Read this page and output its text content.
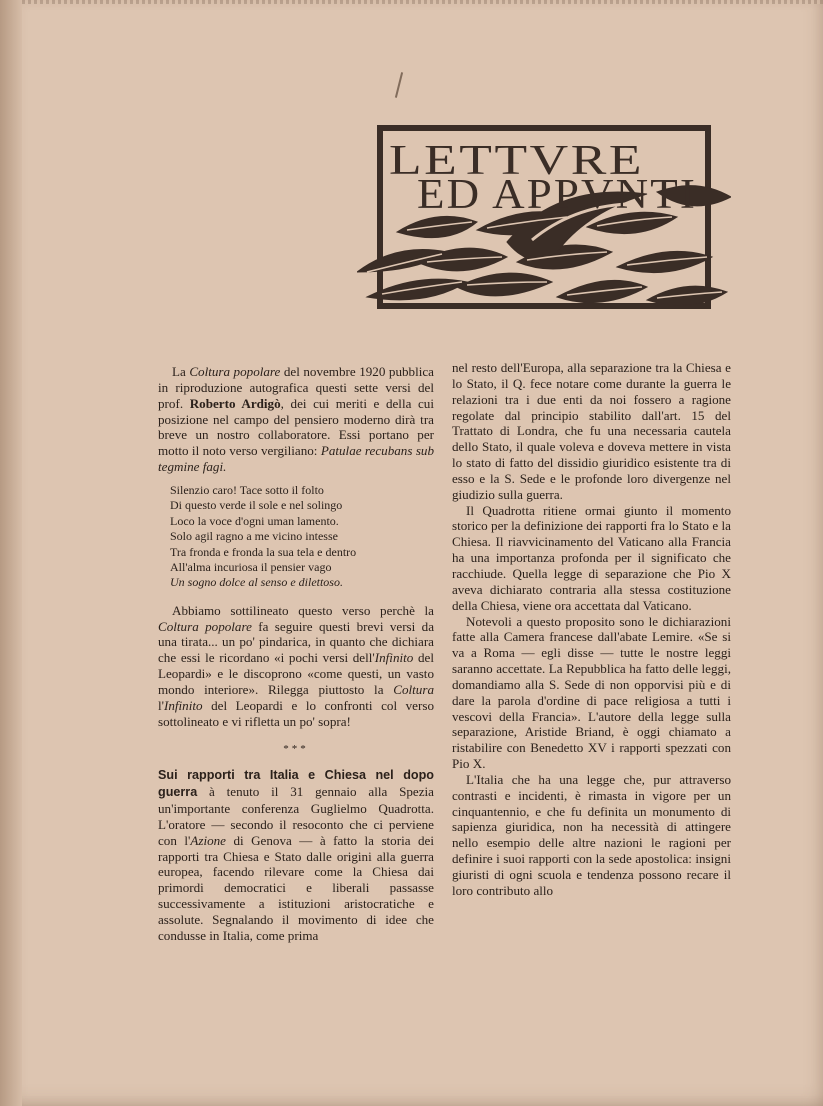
LETTVRE
ED APPVNTI

La Coltura popolare del novembre 1920 pubblica in riproduzione autografica questi sette versi del prof. Roberto Ardigò, dei cui meriti e della cui posizione nel campo del pensiero moderno dirà tra breve un nostro collaboratore. Essi portano per motto il noto verso vergiliano: Patulae recubans sub tegmine fagi.

Silenzio caro! Tace sotto il folto
Di questo verde il sole e nel solingo
Loco la voce d'ogni uman lamento.
Solo agil ragno a me vicino intesse
Tra fronda e fronda la sua tela e dentro
All'alma incuriosa il pensier vago
Un sogno dolce al senso e dilettoso.

Abbiamo sottilineato questo verso perchè la Coltura popolare fa seguire questi brevi versi da una tirata... un po' pindarica, in quanto che dichiara che essi le ricordano «i pochi versi dell'Infinito del Leopardi» e le discoprono «come questi, un vasto mondo interiore». Rilegga piuttosto la Coltura l'Infinito del Leopardi e lo confronti col verso sottolineato e vi rifletta un po' sopra!

***

Sui rapporti tra Italia e Chiesa nel dopo guerra à tenuto il 31 gennaio alla Spezia un'importante conferenza Guglielmo Quadrotta. L'oratore — secondo il resoconto che ci perviene con l'Azione di Genova — à fatto la storia dei rapporti tra Chiesa e Stato dalle origini alla guerra europea, facendo rilevare come la Chiesa dai primordi democratici e liberali passasse successivamente a istituzioni aristocratiche e assolute. Segnalando il movimento di idee che condusse in Italia, come prima

nel resto dell'Europa, alla separazione tra la Chiesa e lo Stato, il Q. fece notare come durante la guerra le relazioni tra i due enti da noi fossero a ragione regolate dal principio stabilito dall'art. 15 del Trattato di Londra, che fu una necessaria cautela dello Stato, il quale voleva e doveva mettere in vista lo stato di fatto del dissidio giuridico esistente tra di esso e la S. Sede e le profonde loro divergenze nel giudizio sulla guerra.

Il Quadrotta ritiene ormai giunto il momento storico per la definizione dei rapporti fra lo Stato e la Chiesa. Il riavvicinamento del Vaticano alla Francia ha una importanza profonda per il significato che racchiude. Quella legge di separazione che Pio X aveva dichiarato contraria alla stessa costituzione della Chiesa, viene ora accettata dal Vaticano.

Notevoli a questo proposito sono le dichiarazioni fatte alla Camera francese dall'abate Lemire. «Se si va a Roma — egli disse — tutte le nostre leggi saranno accettate. La Repubblica ha fatto delle leggi, domandiamo alla S. Sede di non opporvisi più e di dare la parola d'ordine di pace religiosa a tutti i vescovi della Francia». L'autore della legge sulla separazione, Aristide Briand, è oggi chiamato a ristabilire con Benedetto XV i rapporti spezzati con Pio X.

L'Italia che ha una legge che, pur attraverso contrasti e incidenti, è rimasta in vigore per un cinquantennio, e che fu definita un monumento di sapienza giuridica, non ha necessità di attingere nello esempio delle altre nazioni le ragioni per definire i suoi rapporti con la sede apostolica: insigni giuristi di ogni scuola e tendenza possono recare il loro contributo allo
